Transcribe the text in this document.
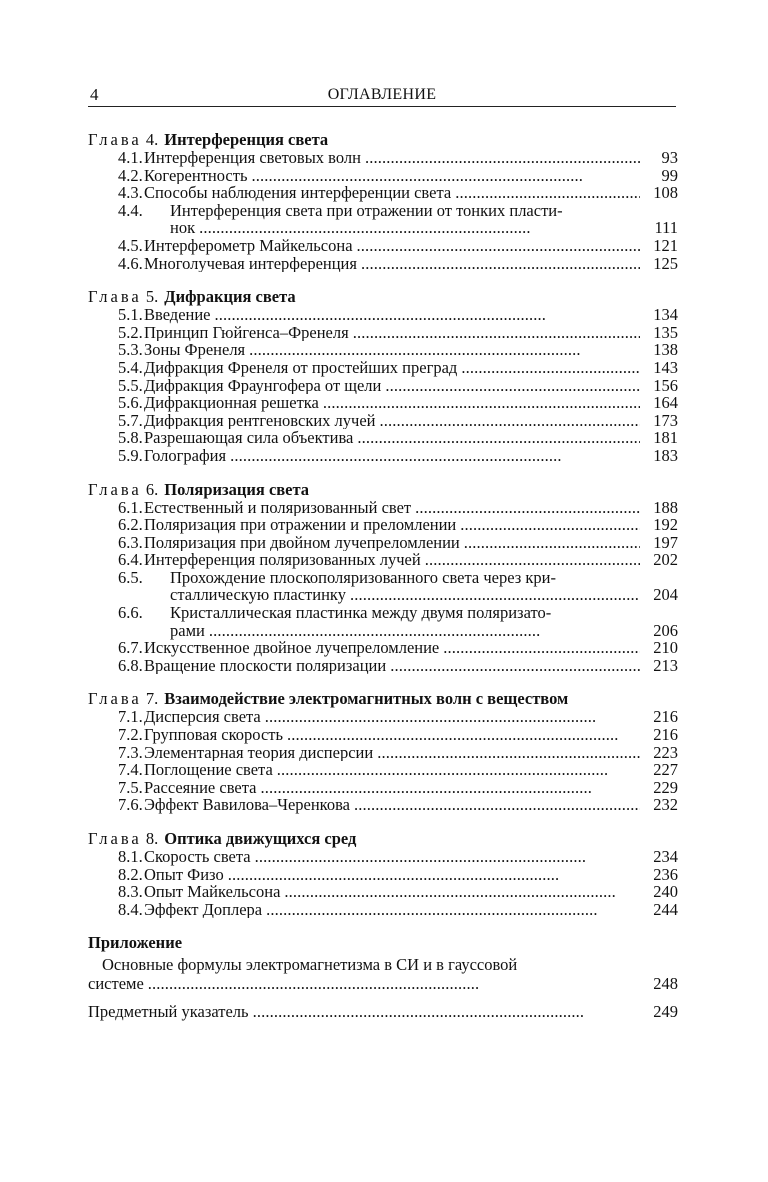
4	ОГЛАВЛЕНИЕ
Глава 4. Интерференция света
4.1. Интерференция световых волн . . .	93
4.2. Когерентность . . .	99
4.3. Способы наблюдения интерференции света . . .	108
4.4. Интерференция света при отражении от тонких пласти-
нок . . .	111
4.5. Интерферометр Майкельсона . . .	121
4.6. Многолучевая интерференция . . .	125
Глава 5. Дифракция света
5.1. Введение . . .	134
5.2. Принцип Гюйгенса–Френеля . . .	135
5.3. Зоны Френеля . . .	138
5.4. Дифракция Френеля от простейших преград . . .	143
5.5. Дифракция Фраунгофера от щели . . .	156
5.6. Дифракционная решетка . . .	164
5.7. Дифракция рентгеновских лучей . . .	173
5.8. Разрешающая сила объектива . . .	181
5.9. Голография . . .	183
Глава 6. Поляризация света
6.1. Естественный и поляризованный свет . . .	188
6.2. Поляризация при отражении и преломлении . . .	192
6.3. Поляризация при двойном лучепреломлении . . .	197
6.4. Интерференция поляризованных лучей . . .	202
6.5. Прохождение плоскополяризованного света через кри-
сталлическую пластинку . . .	204
6.6. Кристаллическая пластинка между двумя поляризато-
рами . . .	206
6.7. Искусственное двойное лучепреломление . . .	210
6.8. Вращение плоскости поляризации . . .	213
Глава 7. Взаимодействие электромагнитных волн с веществом
7.1. Дисперсия света . . .	216
7.2. Групповая скорость . . .	216
7.3. Элементарная теория дисперсии . . .	223
7.4. Поглощение света . . .	227
7.5. Рассеяние света . . .	229
7.6. Эффект Вавилова–Черенкова . . .	232
Глава 8. Оптика движущихся сред
8.1. Скорость света . . .	234
8.2. Опыт Физо . . .	236
8.3. Опыт Майкельсона . . .	240
8.4. Эффект Доплера . . .	244
Приложение
Основные формулы электромагнетизма в СИ и в гауссовой
системе . . .	248
Предметный указатель . . .	249
